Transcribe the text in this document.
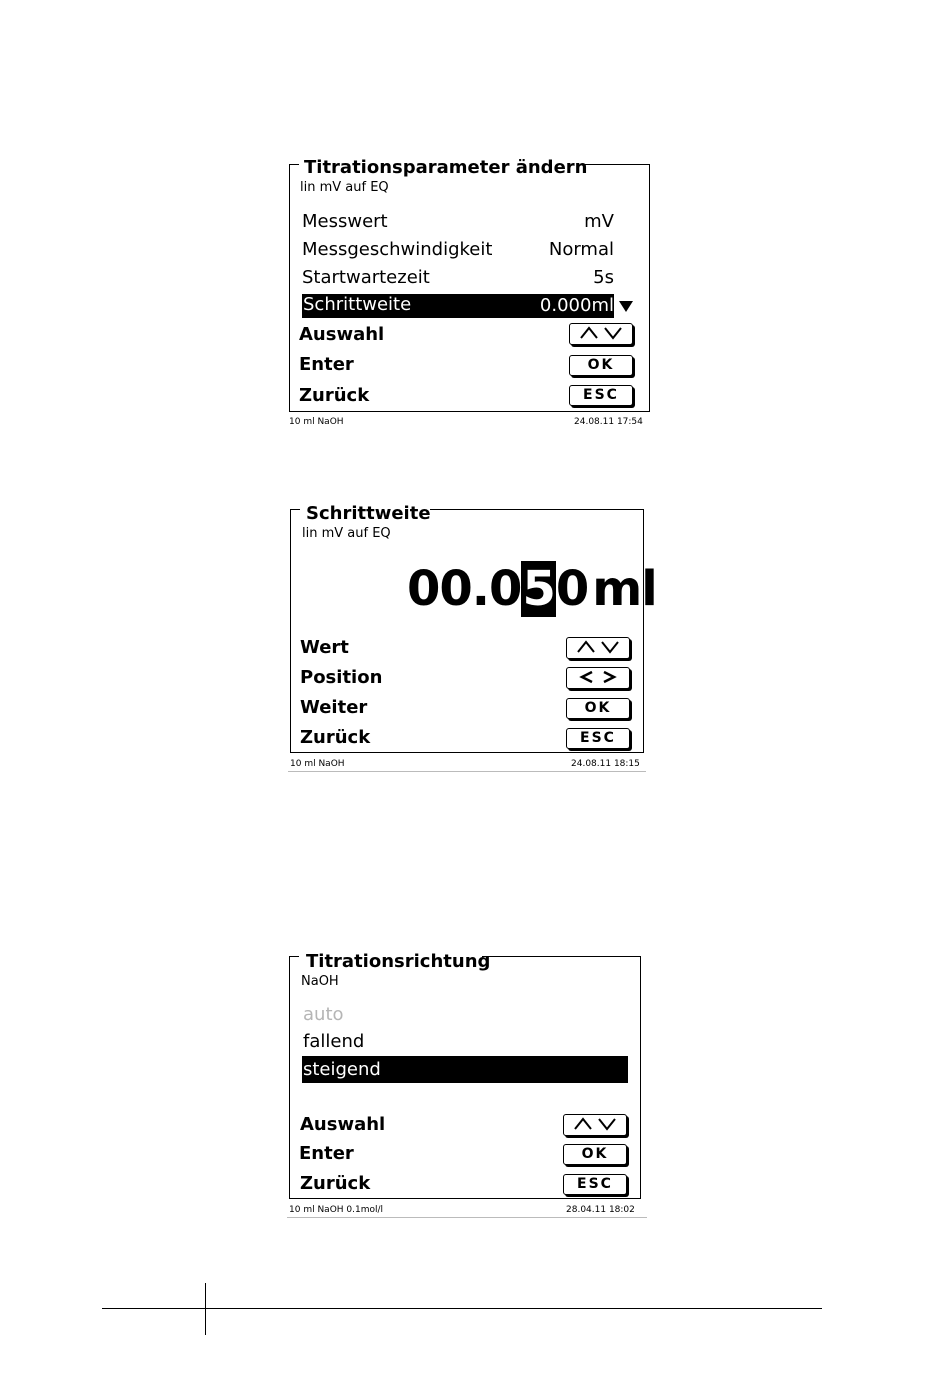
Titrationsparameter ändern
lin mV auf EQ
Messwert	mV
Messgeschwindigkeit	Normal
Startwartezeit	5s
Schrittweite	0.000ml
Auswahl
Enter	OK
Zurück	ESC
10 ml NaOH	24.08.11 17:54
Schrittweite
lin mV auf EQ
00.050ml
Wert
Position
Weiter	OK
Zurück	ESC
10 ml NaOH	24.08.11 18:15
Titrationsrichtung
NaOH
auto
fallend
steigend
Auswahl
Enter	OK
Zurück	ESC
10 ml NaOH 0.1mol/l	28.04.11 18:02
